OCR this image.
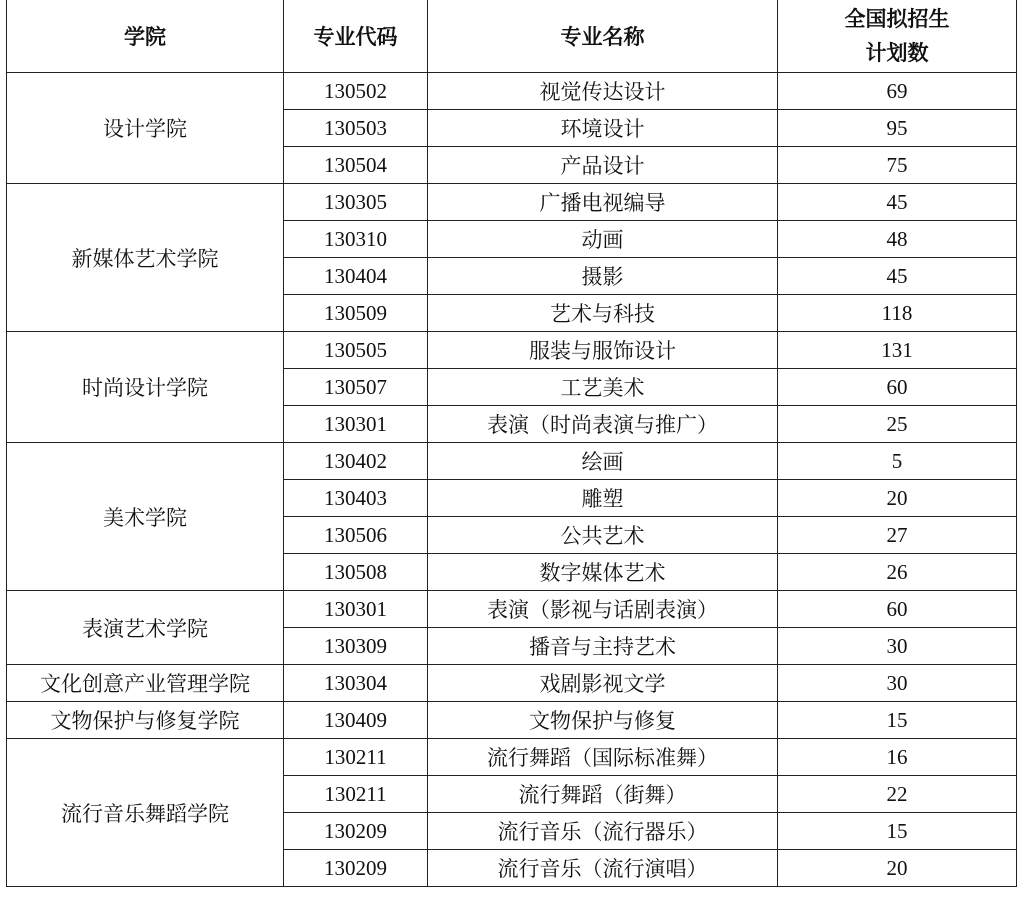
学院	专业代码	专业名称	全国拟招生
计划数

设计学院	130502	视觉传达设计	69
	130503	环境设计	95
	130504	产品设计	75
新媒体艺术学院	130305	广播电视编导	45
	130310	动画	48
	130404	摄影	45
	130509	艺术与科技	118
时尚设计学院	130505	服装与服饰设计	131
	130507	工艺美术	60
	130301	表演（时尚表演与推广）	25
美术学院	130402	绘画	5
	130403	雕塑	20
	130506	公共艺术	27
	130508	数字媒体艺术	26
表演艺术学院	130301	表演（影视与话剧表演）	60
	130309	播音与主持艺术	30
文化创意产业管理学院	130304	戏剧影视文学	30
文物保护与修复学院	130409	文物保护与修复	15
流行音乐舞蹈学院	130211	流行舞蹈（国际标准舞）	16
	130211	流行舞蹈（街舞）	22
	130209	流行音乐（流行器乐）	15
	130209	流行音乐（流行演唱）	20
